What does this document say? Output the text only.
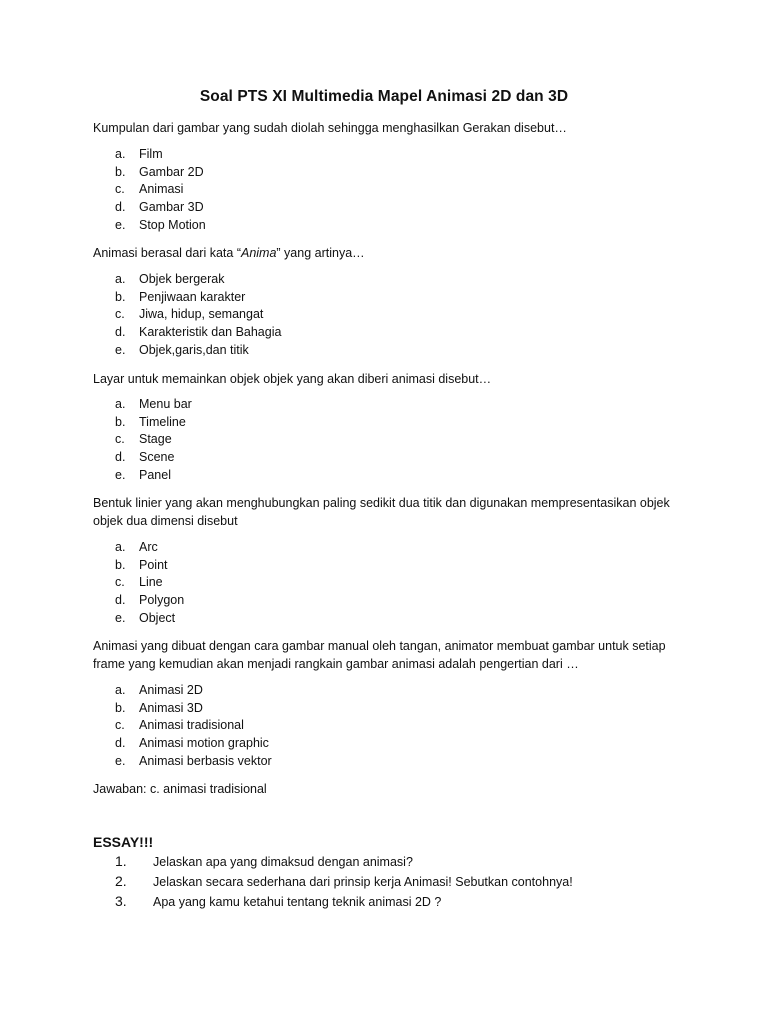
Soal PTS XI Multimedia Mapel Animasi 2D dan 3D
Kumpulan dari gambar yang sudah diolah sehingga menghasilkan Gerakan disebut…
a. Film
b. Gambar 2D
c. Animasi
d. Gambar 3D
e. Stop Motion
Animasi berasal dari kata “Anima” yang artinya…
a. Objek bergerak
b. Penjiwaan karakter
c. Jiwa, hidup, semangat
d. Karakteristik dan Bahagia
e. Objek,garis,dan titik
Layar untuk memainkan objek objek yang akan diberi animasi disebut…
a. Menu bar
b. Timeline
c. Stage
d. Scene
e. Panel
Bentuk linier yang akan menghubungkan paling sedikit dua titik dan digunakan mempresentasikan objek objek dua dimensi disebut
a. Arc
b. Point
c. Line
d. Polygon
e. Object
Animasi yang dibuat dengan cara gambar manual oleh tangan, animator membuat gambar untuk setiap frame yang kemudian akan menjadi rangkain gambar animasi adalah pengertian dari …
a. Animasi 2D
b. Animasi 3D
c. Animasi tradisional
d. Animasi motion graphic
e. Animasi berbasis vektor
Jawaban: c. animasi tradisional
ESSAY!!!
1. Jelaskan apa yang dimaksud dengan animasi?
2. Jelaskan secara sederhana dari prinsip kerja Animasi! Sebutkan contohnya!
3. Apa yang kamu ketahui tentang teknik animasi 2D ?
